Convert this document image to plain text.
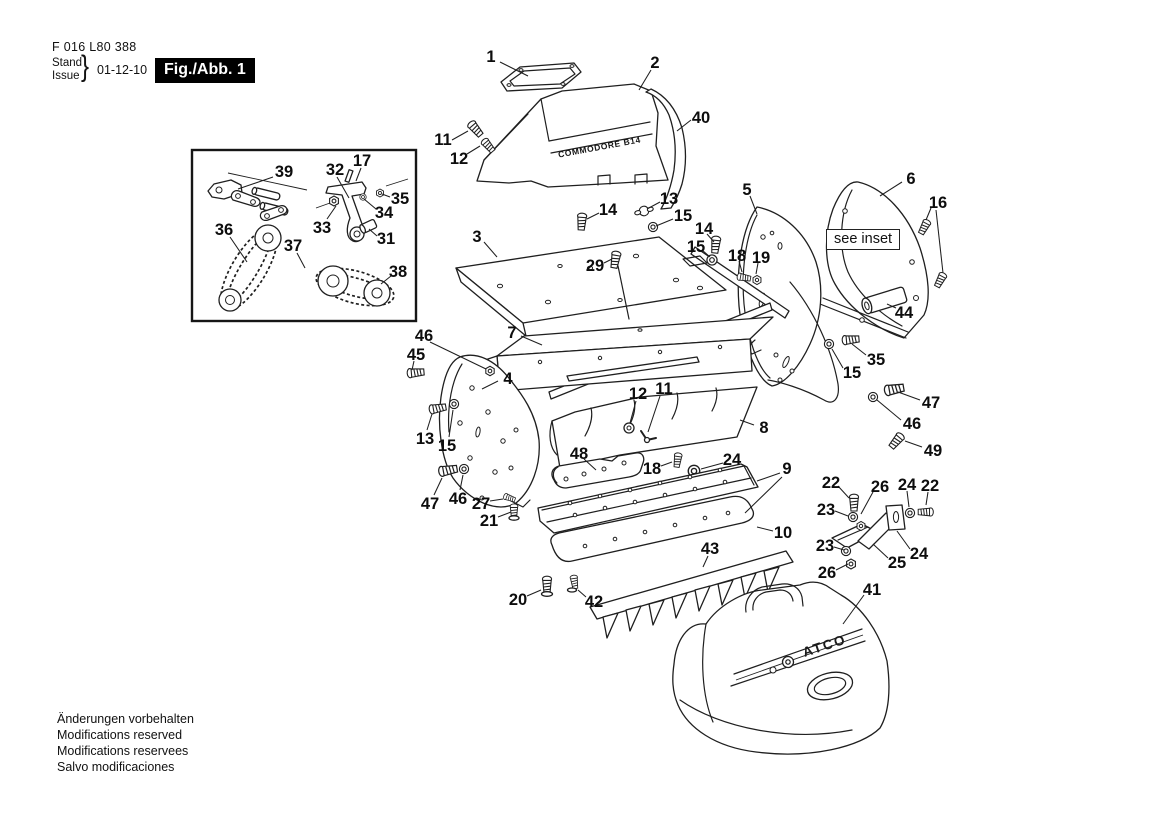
F 016 L80 388
Stand
Issue } 01-12-10	Fig./Abb. 1
COMMODORE B14
ATCO
1	2
40
11
12
39 32 17
35
34
33
31
36
37
38
3
14
13
15
14
15
29
18 19
5
6
16
44
7
35
15
47
46
49
46
45
4
13 15
47 46 27
21
12 11
8
48
18	24 9
10
43
20	42
22
23
26 24 22
23
26
25 24
41
see inset
Änderungen vorbehalten
Modifications reserved
Modifications reservees
Salvo modificaciones
